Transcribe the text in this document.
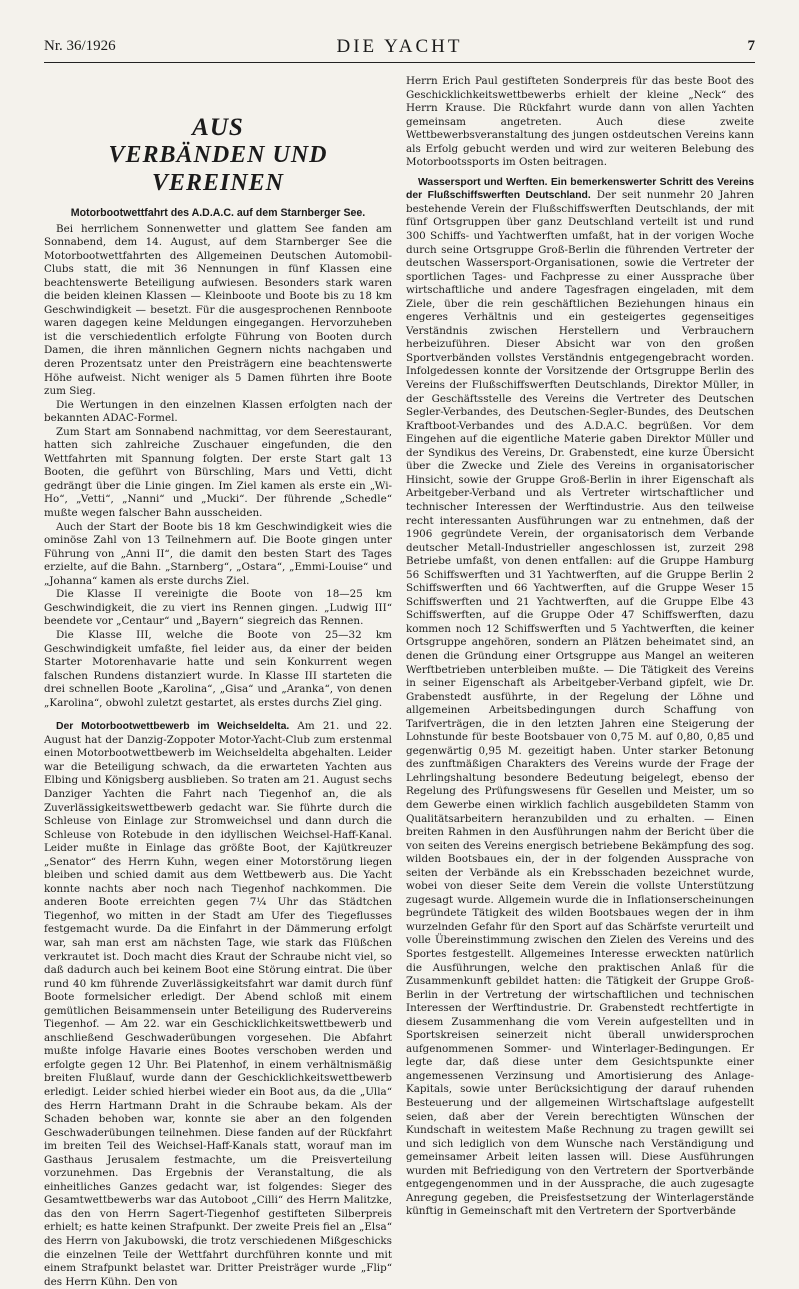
Nr. 36/1926	DIE YACHT	7
AUS
VERBÄNDEN UND VEREINEN
Motorbootwettfahrt des A.D.A.C. auf dem Starnberger See.

Bei herrlichem Sonnenwetter und glattem See fanden am Sonnabend, dem 14. August, auf dem Starnberger See die Motorbootwettfahrten des Allgemeinen Deutschen Automobil-Clubs statt, die mit 36 Nennungen in fünf Klassen eine beachtenswerte Beteiligung aufwiesen. Besonders stark waren die beiden kleinen Klassen — Kleinboote und Boote bis zu 18 km Geschwindigkeit — besetzt. Für die ausgesprochenen Rennboote waren dagegen keine Meldungen eingegangen. Hervorzuheben ist die verschiedentlich erfolgte Führung von Booten durch Damen, die ihren männlichen Gegnern nichts nachgaben und deren Prozentsatz unter den Preisträgern eine beachtenswerte Höhe aufweist. Nicht weniger als 5 Damen führten ihre Boote zum Sieg.

Die Wertungen in den einzelnen Klassen erfolgten nach der bekannten ADAC-Formel.

Zum Start am Sonnabend nachmittag, vor dem Seerestaurant, hatten sich zahlreiche Zuschauer eingefunden, die den Wettfahrten mit Spannung folgten. Der erste Start galt 13 Booten, die geführt von Bürschling, Mars und Vetti, dicht gedrängt über die Linie gingen. Im Ziel kamen als erste ein „Wi-Ho“, „Vetti“, „Nanni“ und „Mucki“. Der führende „Schedle“ mußte wegen falscher Bahn ausscheiden.

Auch der Start der Boote bis 18 km Geschwindigkeit wies die ominöse Zahl von 13 Teilnehmern auf. Die Boote gingen unter Führung von „Anni II“, die damit den besten Start des Tages erzielte, auf die Bahn. „Starnberg“, „Ostara“, „Emmi-Louise“ und „Johanna“ kamen als erste durchs Ziel.

Die Klasse II vereinigte die Boote von 18—25 km Geschwindigkeit, die zu viert ins Rennen gingen. „Ludwig III“ beendete vor „Centaur“ und „Bayern“ siegreich das Rennen.

Die Klasse III, welche die Boote von 25—32 km Geschwindigkeit umfaßte, fiel leider aus, da einer der beiden Starter Motorenhavarie hatte und sein Konkurrent wegen falschen Rundens distanziert wurde. In Klasse III starteten die drei schnellen Boote „Karolina“, „Gisa“ und „Aranka“, von denen „Karolina“, obwohl zuletzt gestartet, als erstes durchs Ziel ging.

Der Motorbootwettbewerb im Weichseldelta. Am 21. und 22. August hat der Danzig-Zoppoter Motor-Yacht-Club zum erstenmal einen Motorbootwettbewerb im Weichseldelta abgehalten. Leider war die Beteiligung schwach, da die erwarteten Yachten aus Elbing und Königsberg ausblieben. So traten am 21. August sechs Danziger Yachten die Fahrt nach Tiegenhof an, die als Zuverlässigkeitswettbewerb gedacht war. Sie führte durch die Schleuse von Einlage zur Stromweichsel und dann durch die Schleuse von Rotebude in den idyllischen Weichsel-Haff-Kanal. Leider mußte in Einlage das größte Boot, der Kajütkreuzer „Senator“ des Herrn Kuhn, wegen einer Motorstörung liegen bleiben und schied damit aus dem Wettbewerb aus. Die Yacht konnte nachts aber noch nach Tiegenhof nachkommen. Die anderen Boote erreichten gegen 7¼ Uhr das Städtchen Tiegenhof, wo mitten in der Stadt am Ufer des Tiegeflusses festgemacht wurde. Da die Einfahrt in der Dämmerung erfolgt war, sah man erst am nächsten Tage, wie stark das Flüßchen verkrautet ist. Doch macht dies Kraut der Schraube nicht viel, so daß dadurch auch bei keinem Boot eine Störung eintrat. Die über rund 40 km führende Zuverlässigkeitsfahrt war damit durch fünf Boote formelsicher erledigt. Der Abend schloß mit einem gemütlichen Beisammensein unter Beteiligung des Rudervereins Tiegenhof. — Am 22. war ein Geschicklichkeitswettbewerb und anschließend Geschwaderübungen vorgesehen. Die Abfahrt mußte infolge Havarie eines Bootes verschoben werden und erfolgte gegen 12 Uhr. Bei Platenhof, in einem verhältnismäßig breiten Flußlauf, wurde dann der Geschicklichkeitswettbewerb erledigt. Leider schied hierbei wieder ein Boot aus, da die „Ulla“ des Herrn Hartmann Draht in die Schraube bekam. Als der Schaden behoben war, konnte sie aber an den folgenden Geschwaderübungen teilnehmen. Diese fanden auf der Rückfahrt im breiten Teil des Weichsel-Haff-Kanals statt, worauf man im Gasthaus Jerusalem festmachte, um die Preisverteilung vorzunehmen. Das Ergebnis der Veranstaltung, die als einheitliches Ganzes gedacht war, ist folgendes: Sieger des Gesamtwettbewerbs war das Autoboot „Cilli“ des Herrn Malitzke, das den von Herrn Sagert-Tiegenhof gestifteten Silberpreis erhielt; es hatte keinen Strafpunkt. Der zweite Preis fiel an „Elsa“ des Herrn von Jakubowski, die trotz verschiedenen Mißgeschicks die einzelnen Teile der Wettfahrt durchführen konnte und mit einem Strafpunkt belastet war. Dritter Preisträger wurde „Flip“ des Herrn Kühn. Den von

Herrn Erich Paul gestifteten Sonderpreis für das beste Boot des Geschicklichkeitswettbewerbs erhielt der kleine „Neck“ des Herrn Krause. Die Rückfahrt wurde dann von allen Yachten gemeinsam angetreten. Auch diese zweite Wettbewerbsveranstaltung des jungen ostdeutschen Vereins kann als Erfolg gebucht werden und wird zur weiteren Belebung des Motorbootssports im Osten beitragen.

Wassersport und Werften. Ein bemerkenswerter Schritt des Vereins der Flußschiffswerften Deutschland. Der seit nunmehr 20 Jahren bestehende Verein der Flußschiffswerften Deutschlands, der mit fünf Ortsgruppen über ganz Deutschland verteilt ist und rund 300 Schiffs- und Yachtwerften umfaßt, hat in der vorigen Woche durch seine Ortsgruppe Groß-Berlin die führenden Vertreter der deutschen Wassersport-Organisationen, sowie die Vertreter der sportlichen Tages- und Fachpresse zu einer Aussprache über wirtschaftliche und andere Tagesfragen eingeladen, mit dem Ziele, über die rein geschäftlichen Beziehungen hinaus ein engeres Verhältnis und ein gesteigertes gegenseitiges Verständnis zwischen Herstellern und Verbrauchern herbeizuführen. Dieser Absicht war von den großen Sportverbänden vollstes Verständnis entgegengebracht worden. Infolgedessen konnte der Vorsitzende der Ortsgruppe Berlin des Vereins der Flußschiffswerften Deutschlands, Direktor Müller, in der Geschäftsstelle des Vereins die Vertreter des Deutschen Segler-Verbandes, des Deutschen-Segler-Bundes, des Deutschen Kraftboot-Verbandes und des A.D.A.C. begrüßen. Vor dem Eingehen auf die eigentliche Materie gaben Direktor Müller und der Syndikus des Vereins, Dr. Grabenstedt, eine kurze Übersicht über die Zwecke und Ziele des Vereins in organisatorischer Hinsicht, sowie der Gruppe Groß-Berlin in ihrer Eigenschaft als Arbeitgeber-Verband und als Vertreter wirtschaftlicher und technischer Interessen der Werftindustrie. Aus den teilweise recht interessanten Ausführungen war zu entnehmen, daß der 1906 gegründete Verein, der organisatorisch dem Verbande deutscher Metall-Industrieller angeschlossen ist, zurzeit 298 Betriebe umfaßt, von denen entfallen: auf die Gruppe Hamburg 56 Schiffswerften und 31 Yachtwerften, auf die Gruppe Berlin 2 Schiffswerften und 66 Yachtwerften, auf die Gruppe Weser 15 Schiffswerften und 21 Yachtwerften, auf die Gruppe Elbe 43 Schiffswerften, auf die Gruppe Oder 47 Schiffswerften, dazu kommen noch 12 Schiffswerften und 5 Yachtwerften, die keiner Ortsgruppe angehören, sondern an Plätzen beheimatet sind, an denen die Gründung einer Ortsgruppe aus Mangel an weiteren Werftbetrieben unterbleiben mußte. — Die Tätigkeit des Vereins in seiner Eigenschaft als Arbeitgeber-Verband gipfelt, wie Dr. Grabenstedt ausführte, in der Regelung der Löhne und allgemeinen Arbeitsbedingungen durch Schaffung von Tarifverträgen, die in den letzten Jahren eine Steigerung der Lohnstunde für beste Bootsbauer von 0,75 M. auf 0,80, 0,85 und gegenwärtig 0,95 M. gezeitigt haben. Unter starker Betonung des zunftmäßigen Charakters des Vereins wurde der Frage der Lehrlingshaltung besondere Bedeutung beigelegt, ebenso der Regelung des Prüfungswesens für Gesellen und Meister, um so dem Gewerbe einen wirklich fachlich ausgebildeten Stamm von Qualitätsarbeitern heranzubilden und zu erhalten. — Einen breiten Rahmen in den Ausführungen nahm der Bericht über die von seiten des Vereins energisch betriebene Bekämpfung des sog. wilden Bootsbaues ein, der in der folgenden Aussprache von seiten der Verbände als ein Krebsschaden bezeichnet wurde, wobei von dieser Seite dem Verein die vollste Unterstützung zugesagt wurde. Allgemein wurde die in Inflationserscheinungen begründete Tätigkeit des wilden Bootsbaues wegen der in ihm wurzelnden Gefahr für den Sport auf das Schärfste verurteilt und volle Übereinstimmung zwischen den Zielen des Vereins und des Sportes festgestellt. Allgemeines Interesse erweckten natürlich die Ausführungen, welche den praktischen Anlaß für die Zusammenkunft gebildet hatten: die Tätigkeit der Gruppe Groß-Berlin in der Vertretung der wirtschaftlichen und technischen Interessen der Werftindustrie. Dr. Grabenstedt rechtfertigte in diesem Zusammenhang die vom Verein aufgestellten und in Sportskreisen seinerzeit nicht überall unwidersprochen aufgenommenen Sommer- und Winterlager-Bedingungen. Er legte dar, daß diese unter dem Gesichtspunkte einer angemessenen Verzinsung und Amortisierung des Anlage-Kapitals, sowie unter Berücksichtigung der darauf ruhenden Besteuerung und der allgemeinen Wirtschaftslage aufgestellt seien, daß aber der Verein berechtigten Wünschen der Kundschaft in weitestem Maße Rechnung zu tragen gewillt sei und sich lediglich von dem Wunsche nach Verständigung und gemeinsamer Arbeit leiten lassen will. Diese Ausführungen wurden mit Befriedigung von den Vertretern der Sportverbände entgegengenommen und in der Aussprache, die auch zugesagte Anregung gegeben, die Preisfestsetzung der Winterlagerstände künftig in Gemeinschaft mit den Vertretern der Sportverbände
